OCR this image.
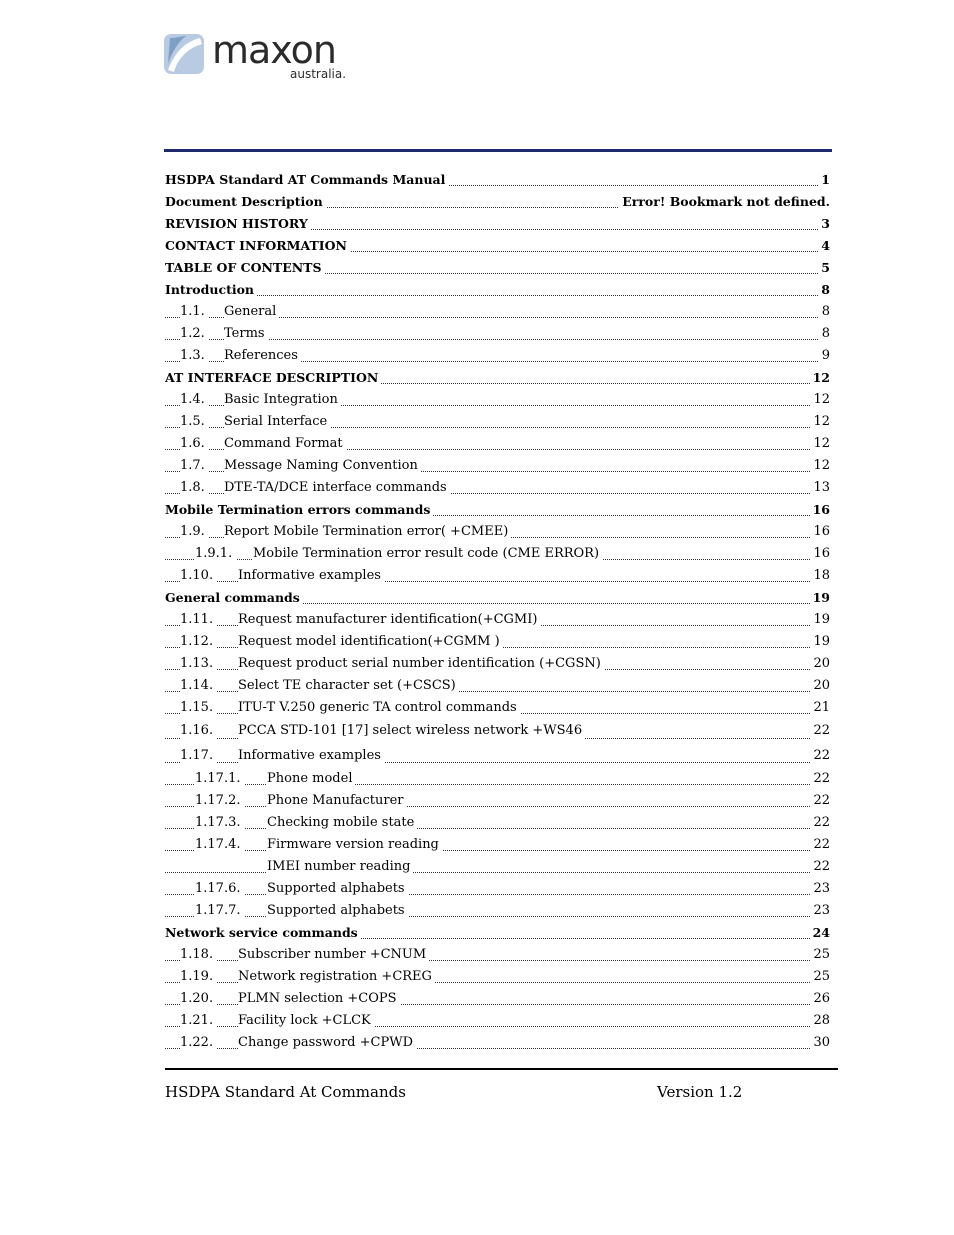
maxon
australia.
HSDPA Standard AT Commands Manual	1
Document Description	Error! Bookmark not defined.
REVISION HISTORY	3
CONTACT INFORMATION	4
TABLE OF CONTENTS	5
Introduction	8
1.1.	General	8
1.2.	Terms	8
1.3.	References	9
AT INTERFACE DESCRIPTION	12
1.4.	Basic Integration	12
1.5.	Serial Interface	12
1.6.	Command Format	12
1.7.	Message Naming Convention	12
1.8.	DTE-TA/DCE interface commands	13
Mobile Termination errors commands	16
1.9.	Report Mobile Termination error( +CMEE)	16
1.9.1.	Mobile Termination error result code (CME ERROR)	16
1.10.	Informative examples	18
General commands	19
1.11.	Request manufacturer identification(+CGMI)	19
1.12.	Request model identification(+CGMM )	19
1.13.	Request product serial number identification (+CGSN)	20
1.14.	Select TE character set (+CSCS)	20
1.15.	ITU-T V.250 generic TA control commands	21
1.16.	PCCA STD-101 [17] select wireless network +WS46	22
1.17.	Informative examples	22
1.17.1.	Phone model	22
1.17.2.	Phone Manufacturer	22
1.17.3.	Checking mobile state	22
1.17.4.	Firmware version reading	22
IMEI number reading	22
1.17.6.	Supported alphabets	23
1.17.7.	Supported alphabets	23
Network service commands	24
1.18.	Subscriber number +CNUM	25
1.19.	Network registration +CREG	25
1.20.	PLMN selection +COPS	26
1.21.	Facility lock +CLCK	28
1.22.	Change password +CPWD	30
HSDPA Standard At Commands	Version 1.2
